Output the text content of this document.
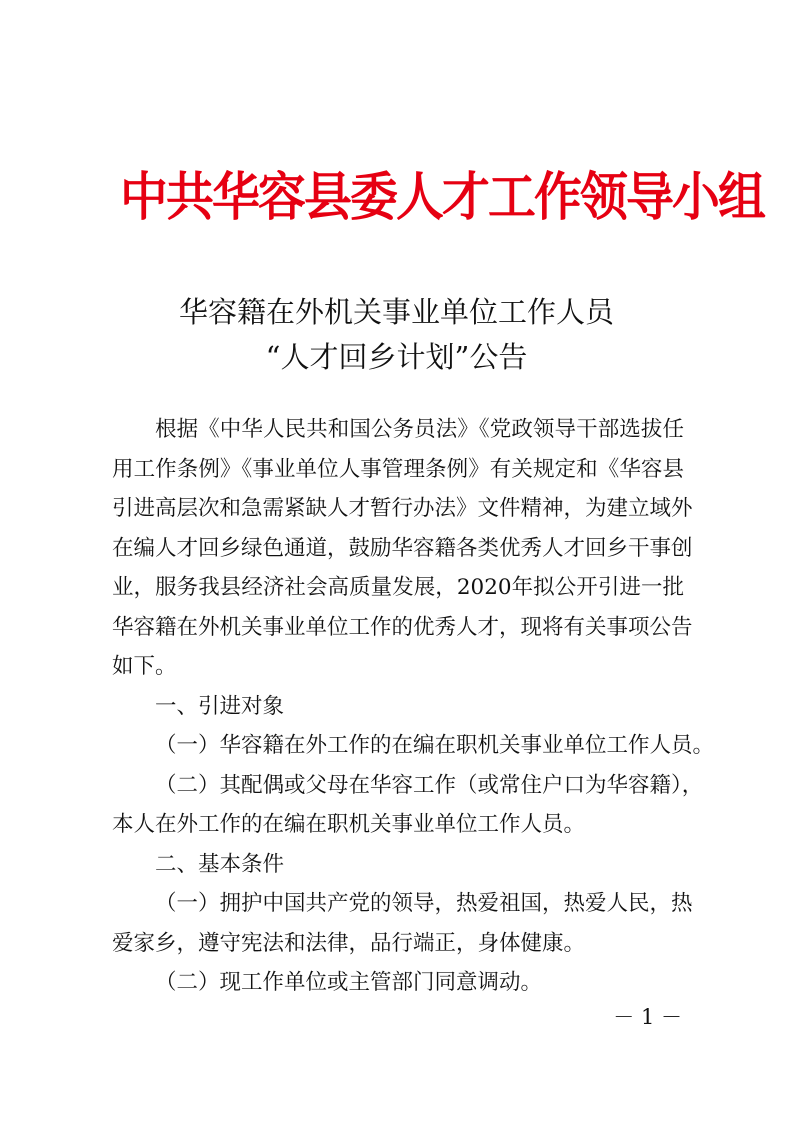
中共华容县委人才工作领导小组
华容籍在外机关事业单位工作人员
“人才回乡计划”公告
根据《中华人民共和国公务员法》《党政领导干部选拔任
用工作条例》《事业单位人事管理条例》有关规定和《华容县
引进高层次和急需紧缺人才暂行办法》文件精神，为建立域外
在编人才回乡绿色通道，鼓励华容籍各类优秀人才回乡干事创
业，服务我县经济社会高质量发展，2020年拟公开引进一批
华容籍在外机关事业单位工作的优秀人才，现将有关事项公告
如下。
一、引进对象
（一）华容籍在外工作的在编在职机关事业单位工作人员。
（二）其配偶或父母在华容工作（或常住户口为华容籍），
本人在外工作的在编在职机关事业单位工作人员。
二、基本条件
（一）拥护中国共产党的领导，热爱祖国，热爱人民，热
爱家乡，遵守宪法和法律，品行端正，身体健康。
（二）现工作单位或主管部门同意调动。
－ 1 －
